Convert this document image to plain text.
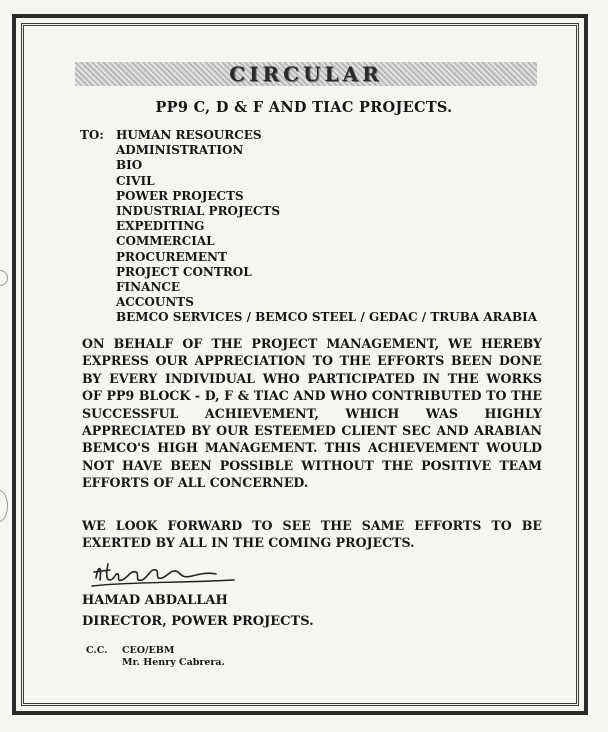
CIRCULAR
PP9 C, D & F AND TIAC PROJECTS.
TO: HUMAN RESOURCES
ADMINISTRATION
BIO
CIVIL
POWER PROJECTS
INDUSTRIAL PROJECTS
EXPEDITING
COMMERCIAL
PROCUREMENT
PROJECT CONTROL
FINANCE
ACCOUNTS
BEMCO SERVICES / BEMCO STEEL / GEDAC / TRUBA ARABIA

ON BEHALF OF THE PROJECT MANAGEMENT, WE HEREBY EXPRESS OUR APPRECIATION TO THE EFFORTS BEEN DONE BY EVERY INDIVIDUAL WHO PARTICIPATED IN THE WORKS OF PP9 BLOCK - D, F & TIAC AND WHO CONTRIBUTED TO THE SUCCESSFUL ACHIEVEMENT, WHICH WAS HIGHLY APPRECIATED BY OUR ESTEEMED CLIENT SEC AND ARABIAN BEMCO'S HIGH MANAGEMENT. THIS ACHIEVEMENT WOULD NOT HAVE BEEN POSSIBLE WITHOUT THE POSITIVE TEAM EFFORTS OF ALL CONCERNED.

WE LOOK FORWARD TO SEE THE SAME EFFORTS TO BE EXERTED BY ALL IN THE COMING PROJECTS.

HAMAD ABDALLAH
DIRECTOR, POWER PROJECTS.
C.C. CEO/EBM
Mr. Henry Cabrera.
